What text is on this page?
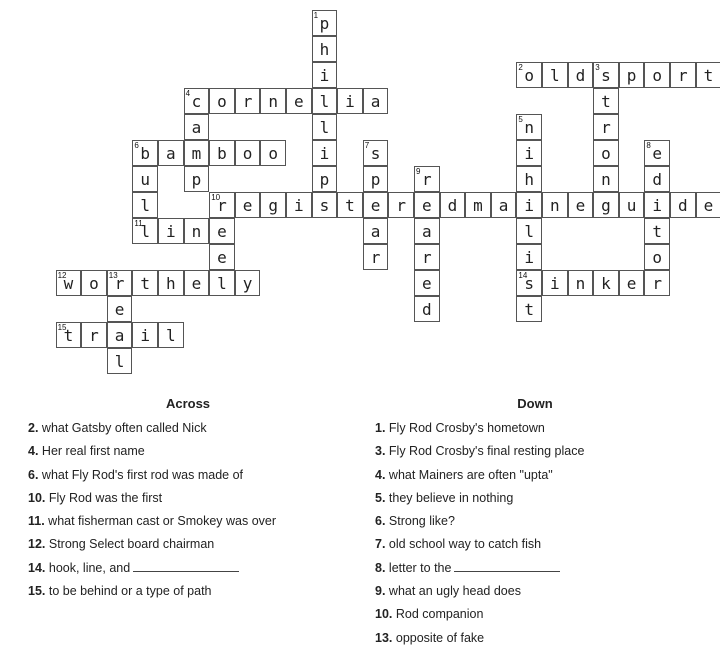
1 p
h
i	2 o l d	3 s p o r t
4 c o r n e l i a	t
a	l	5 n	r
6 b a m b o o	i	7 s	i	o	8 e
u	p	p	p	9 r	h	n	d
l	10
r e g i s t e r e d m a i n e g u i d e
11
l i n e	a	a	l	t
e	r	r	i	o
12
w o	13
r t h e l y	e	14
s i n k e r
e	d	t
15
t r a i l
l
Across
2. what Gatsby often called Nick
4. Her real first name
6. what Fly Rod's first rod was made of
10. Fly Rod was the first
11. what fisherman cast or Smokey was over
12. Strong Select board chairman
14. hook, line, and
15. to be behind or a type of path
Down
1. Fly Rod Crosby's hometown
3. Fly Rod Crosby's final resting place
4. what Mainers are often "upta"
5. they believe in nothing
6. Strong like?
7. old school way to catch fish
8. letter to the
9. what an ugly head does
10. Rod companion
13. opposite of fake
